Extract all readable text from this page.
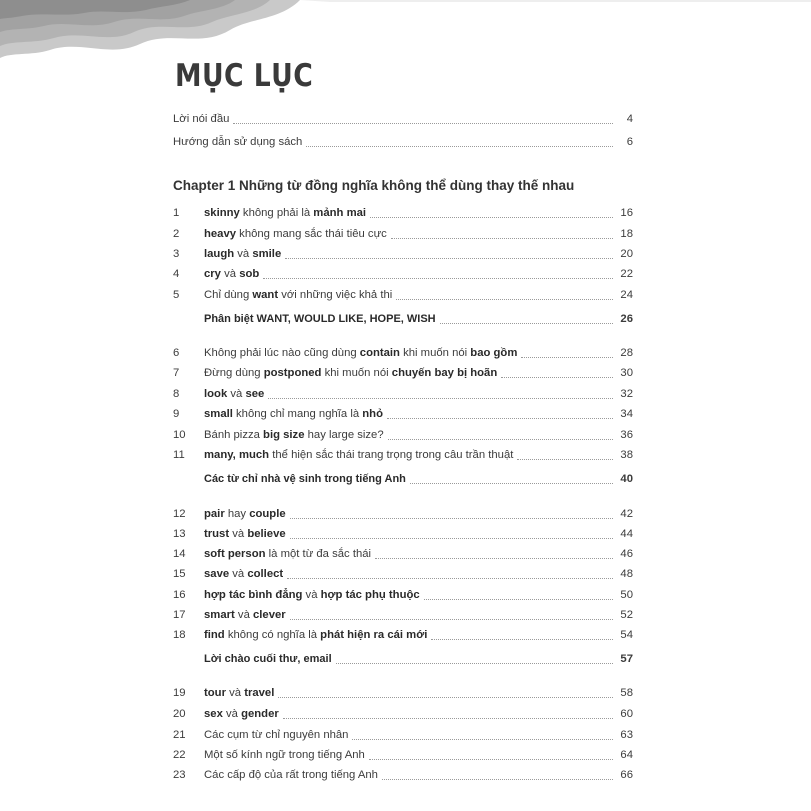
MỤC LỤC
Lời nói đầu	4
Hướng dẫn sử dụng sách	6
Chapter 1 Những từ đồng nghĩa không thể dùng thay thế nhau
1	skinny không phải là mảnh mai	16
2	heavy không mang sắc thái tiêu cực	18
3	laugh và smile	20
4	cry và sob	22
5	Chỉ dùng want với những việc khả thi	24
Phân biệt WANT, WOULD LIKE, HOPE, WISH	26
6	Không phải lúc nào cũng dùng contain khi muốn nói bao gồm	28
7	Đừng dùng postponed khi muốn nói chuyến bay bị hoãn	30
8	look và see	32
9	small không chỉ mang nghĩa là nhỏ	34
10	Bánh pizza big size hay large size?	36
11	many, much thể hiện sắc thái trang trọng trong câu trần thuật	38
Các từ chỉ nhà vệ sinh trong tiếng Anh	40
12	pair hay couple	42
13	trust và believe	44
14	soft person là một từ đa sắc thái	46
15	save và collect	48
16	hợp tác bình đẳng và hợp tác phụ thuộc	50
17	smart và clever	52
18	find không có nghĩa là phát hiện ra cái mới	54
Lời chào cuối thư, email	57
19	tour và travel	58
20	sex và gender	60
21	Các cụm từ chỉ nguyên nhân	63
22	Một số kính ngữ trong tiếng Anh	64
23	Các cấp độ của rất trong tiếng Anh	66
